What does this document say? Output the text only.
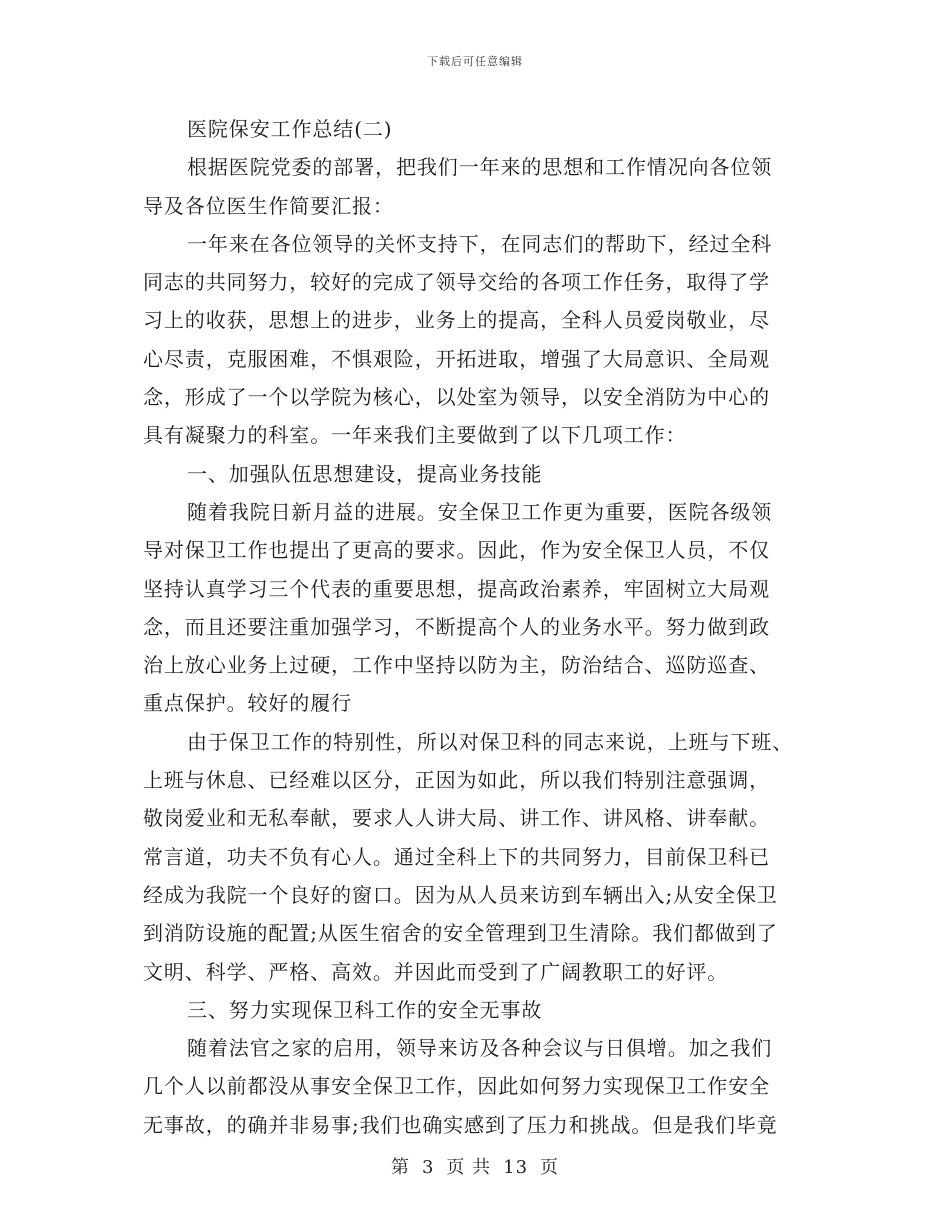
下载后可任意编辑
医院保安工作总结(二)
根据医院党委的部署，把我们一年来的思想和工作情况向各位领
导及各位医生作简要汇报：
一年来在各位领导的关怀支持下，在同志们的帮助下，经过全科
同志的共同努力，较好的完成了领导交给的各项工作任务，取得了学
习上的收获，思想上的进步，业务上的提高，全科人员爱岗敬业，尽
心尽责，克服困难，不惧艰险，开拓进取，增强了大局意识、全局观
念，形成了一个以学院为核心，以处室为领导，以安全消防为中心的
具有凝聚力的科室。一年来我们主要做到了以下几项工作：
一、加强队伍思想建设，提高业务技能
随着我院日新月益的进展。安全保卫工作更为重要，医院各级领
导对保卫工作也提出了更高的要求。因此，作为安全保卫人员，不仅
坚持认真学习三个代表的重要思想，提高政治素养，牢固树立大局观
念，而且还要注重加强学习，不断提高个人的业务水平。努力做到政
治上放心业务上过硬，工作中坚持以防为主，防治结合、巡防巡查、
重点保护。较好的履行
由于保卫工作的特别性，所以对保卫科的同志来说，上班与下班、
上班与休息、已经难以区分，正因为如此，所以我们特别注意强调，
敬岗爱业和无私奉献，要求人人讲大局、讲工作、讲风格、讲奉献。
常言道，功夫不负有心人。通过全科上下的共同努力，目前保卫科已
经成为我院一个良好的窗口。因为从人员来访到车辆出入;从安全保卫
到消防设施的配置;从医生宿舍的安全管理到卫生清除。我们都做到了
文明、科学、严格、高效。并因此而受到了广阔教职工的好评。
三、努力实现保卫科工作的安全无事故
随着法官之家的启用，领导来访及各种会议与日俱增。加之我们
几个人以前都没从事安全保卫工作，因此如何努力实现保卫工作安全
无事故，的确并非易事;我们也确实感到了压力和挑战。但是我们毕竟
第 3 页 共 13 页
